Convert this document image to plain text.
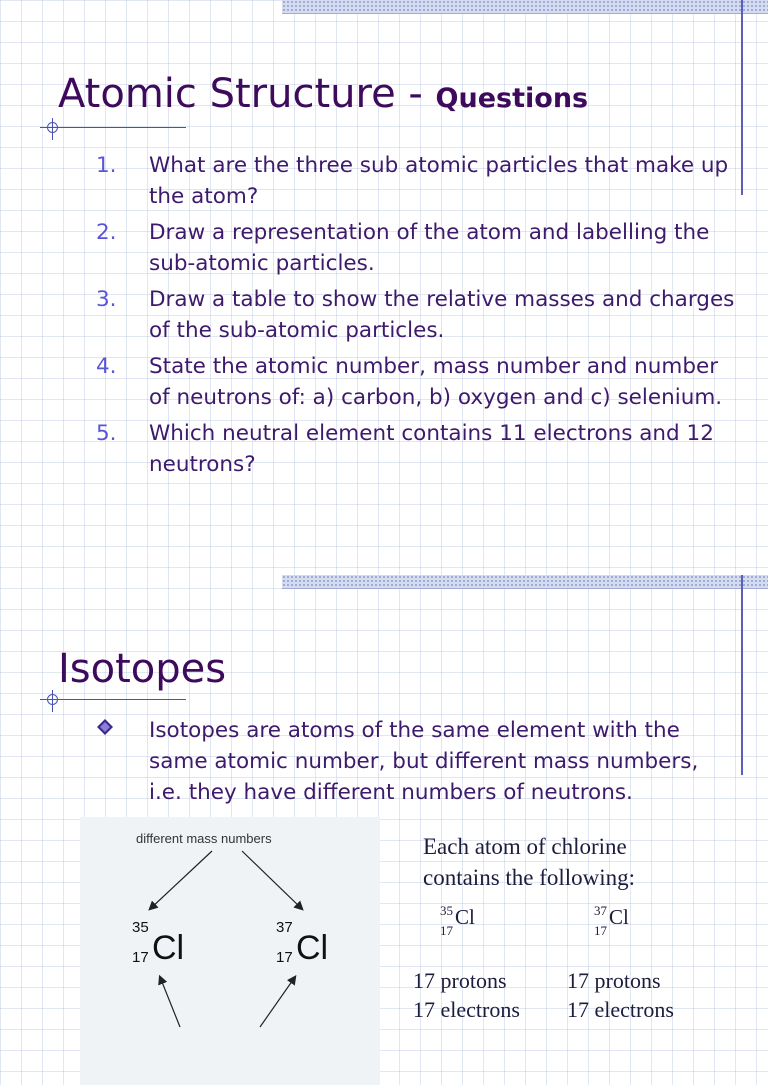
Atomic Structure - Questions
1. What are the three sub atomic particles that make up the atom?
2. Draw a representation of the atom and labelling the sub-atomic particles.
3. Draw a table to show the relative masses and charges of the sub-atomic particles.
4. State the atomic number, mass number and number of neutrons of: a) carbon, b) oxygen and c) selenium.
5. Which neutral element contains 11 electrons and 12 neutrons?
Isotopes
Isotopes are atoms of the same element with the same atomic number, but different mass numbers, i.e. they have different numbers of neutrons.
different mass numbers
35
Cl
17
37
Cl
17
Each atom of chlorine
contains the following:
35 Cl
17
37 Cl
17
17 protons
17 electrons
17 protons
17 electrons
